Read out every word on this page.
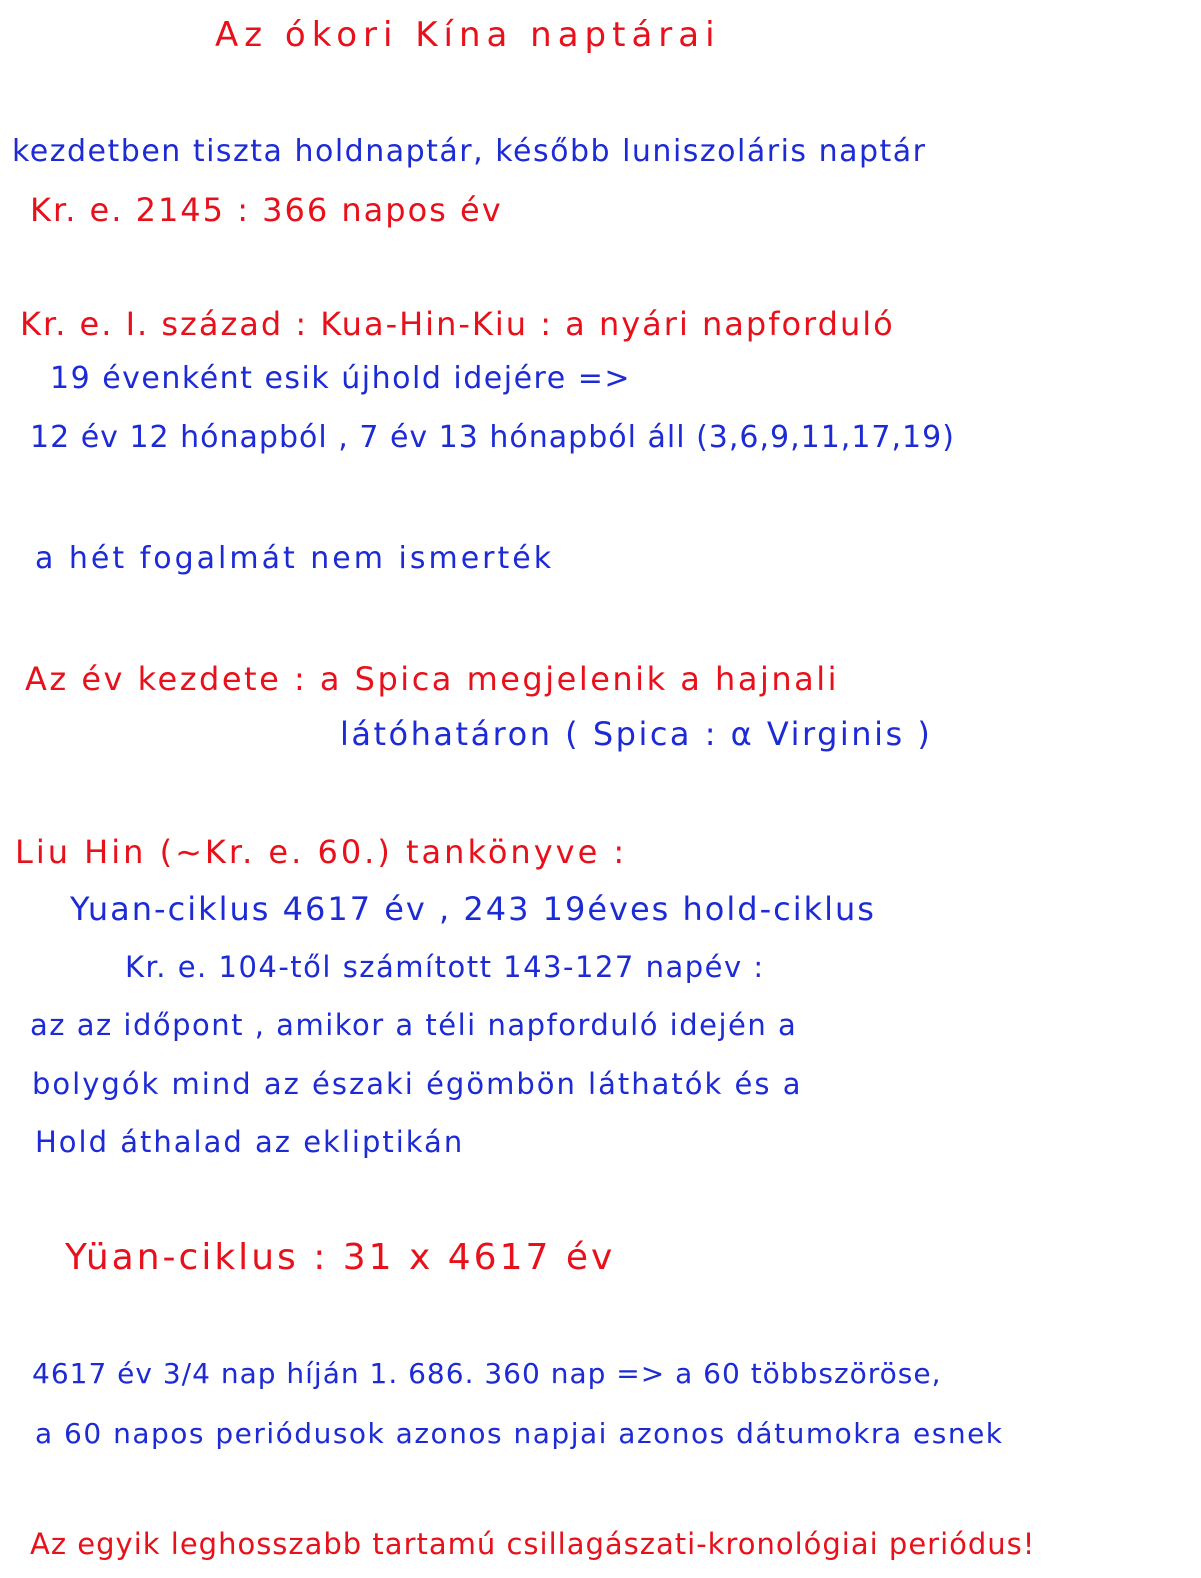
Az ókori Kína naptárai
kezdetben tiszta holdnaptár, később luniszoláris naptár
Kr. e. 2145 : 366 napos év
Kr. e. I. század : Kua-Hin-Kiu : a nyári napforduló
19 évenként esik újhold idejére =>
12 év 12 hónapból , 7 év 13 hónapból áll (3,6,9,11,17,19)
a hét fogalmát nem ismerték
Az év kezdete : a Spica megjelenik a hajnali
látóhatáron ( Spica : α Virginis )
Liu Hin (~Kr. e. 60.) tankönyve :
Yuan-ciklus 4617 év , 243 19éves hold-ciklus
Kr. e. 104-től számított 143-127 napév :
az az időpont , amikor a téli napforduló idején a
bolygók mind az északi égömbön láthatók és a
Hold áthalad az ekliptikán
Yüan-ciklus : 31 x 4617 év
4617 év 3/4 nap híján 1. 686. 360 nap => a 60 többszöröse,
a 60 napos periódusok azonos napjai azonos dátumokra esnek
Az egyik leghosszabb tartamú csillagászati-kronológiai periódus!
